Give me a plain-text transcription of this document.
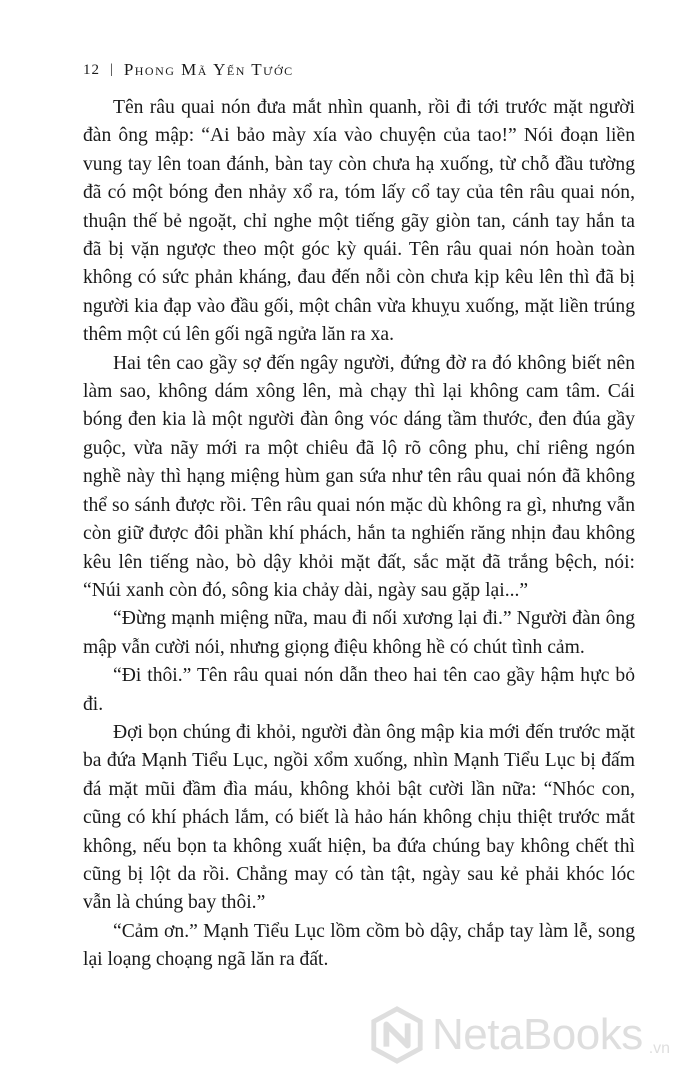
12 | Phong Mã Yến Tước

Tên râu quai nón đưa mắt nhìn quanh, rồi đi tới trước mặt người đàn ông mập: “Ai bảo mày xía vào chuyện của tao!” Nói đoạn liền vung tay lên toan đánh, bàn tay còn chưa hạ xuống, từ chỗ đầu tường đã có một bóng đen nhảy xổ ra, tóm lấy cổ tay của tên râu quai nón, thuận thế bẻ ngoặt, chỉ nghe một tiếng gãy giòn tan, cánh tay hắn ta đã bị vặn ngược theo một góc kỳ quái. Tên râu quai nón hoàn toàn không có sức phản kháng, đau đến nỗi còn chưa kịp kêu lên thì đã bị người kia đạp vào đầu gối, một chân vừa khuỵu xuống, mặt liền trúng thêm một cú lên gối ngã ngửa lăn ra xa.

Hai tên cao gầy sợ đến ngây người, đứng đờ ra đó không biết nên làm sao, không dám xông lên, mà chạy thì lại không cam tâm. Cái bóng đen kia là một người đàn ông vóc dáng tầm thước, đen đúa gầy guộc, vừa nãy mới ra một chiêu đã lộ rõ công phu, chỉ riêng ngón nghề này thì hạng miệng hùm gan sứa như tên râu quai nón đã không thể so sánh được rồi. Tên râu quai nón mặc dù không ra gì, nhưng vẫn còn giữ được đôi phần khí phách, hắn ta nghiến răng nhịn đau không kêu lên tiếng nào, bò dậy khỏi mặt đất, sắc mặt đã trắng bệch, nói: “Núi xanh còn đó, sông kia chảy dài, ngày sau gặp lại...”

“Đừng mạnh miệng nữa, mau đi nối xương lại đi.” Người đàn ông mập vẫn cười nói, nhưng giọng điệu không hề có chút tình cảm.

“Đi thôi.” Tên râu quai nón dẫn theo hai tên cao gầy hậm hực bỏ đi.

Đợi bọn chúng đi khỏi, người đàn ông mập kia mới đến trước mặt ba đứa Mạnh Tiểu Lục, ngồi xổm xuống, nhìn Mạnh Tiểu Lục bị đấm đá mặt mũi đầm đìa máu, không khỏi bật cười lần nữa: “Nhóc con, cũng có khí phách lắm, có biết là hảo hán không chịu thiệt trước mắt không, nếu bọn ta không xuất hiện, ba đứa chúng bay không chết thì cũng bị lột da rồi. Chẳng may có tàn tật, ngày sau kẻ phải khóc lóc vẫn là chúng bay thôi.”

“Cảm ơn.” Mạnh Tiểu Lục lồm cồm bò dậy, chắp tay làm lễ, song lại loạng choạng ngã lăn ra đất.

NetaBooks .vn
